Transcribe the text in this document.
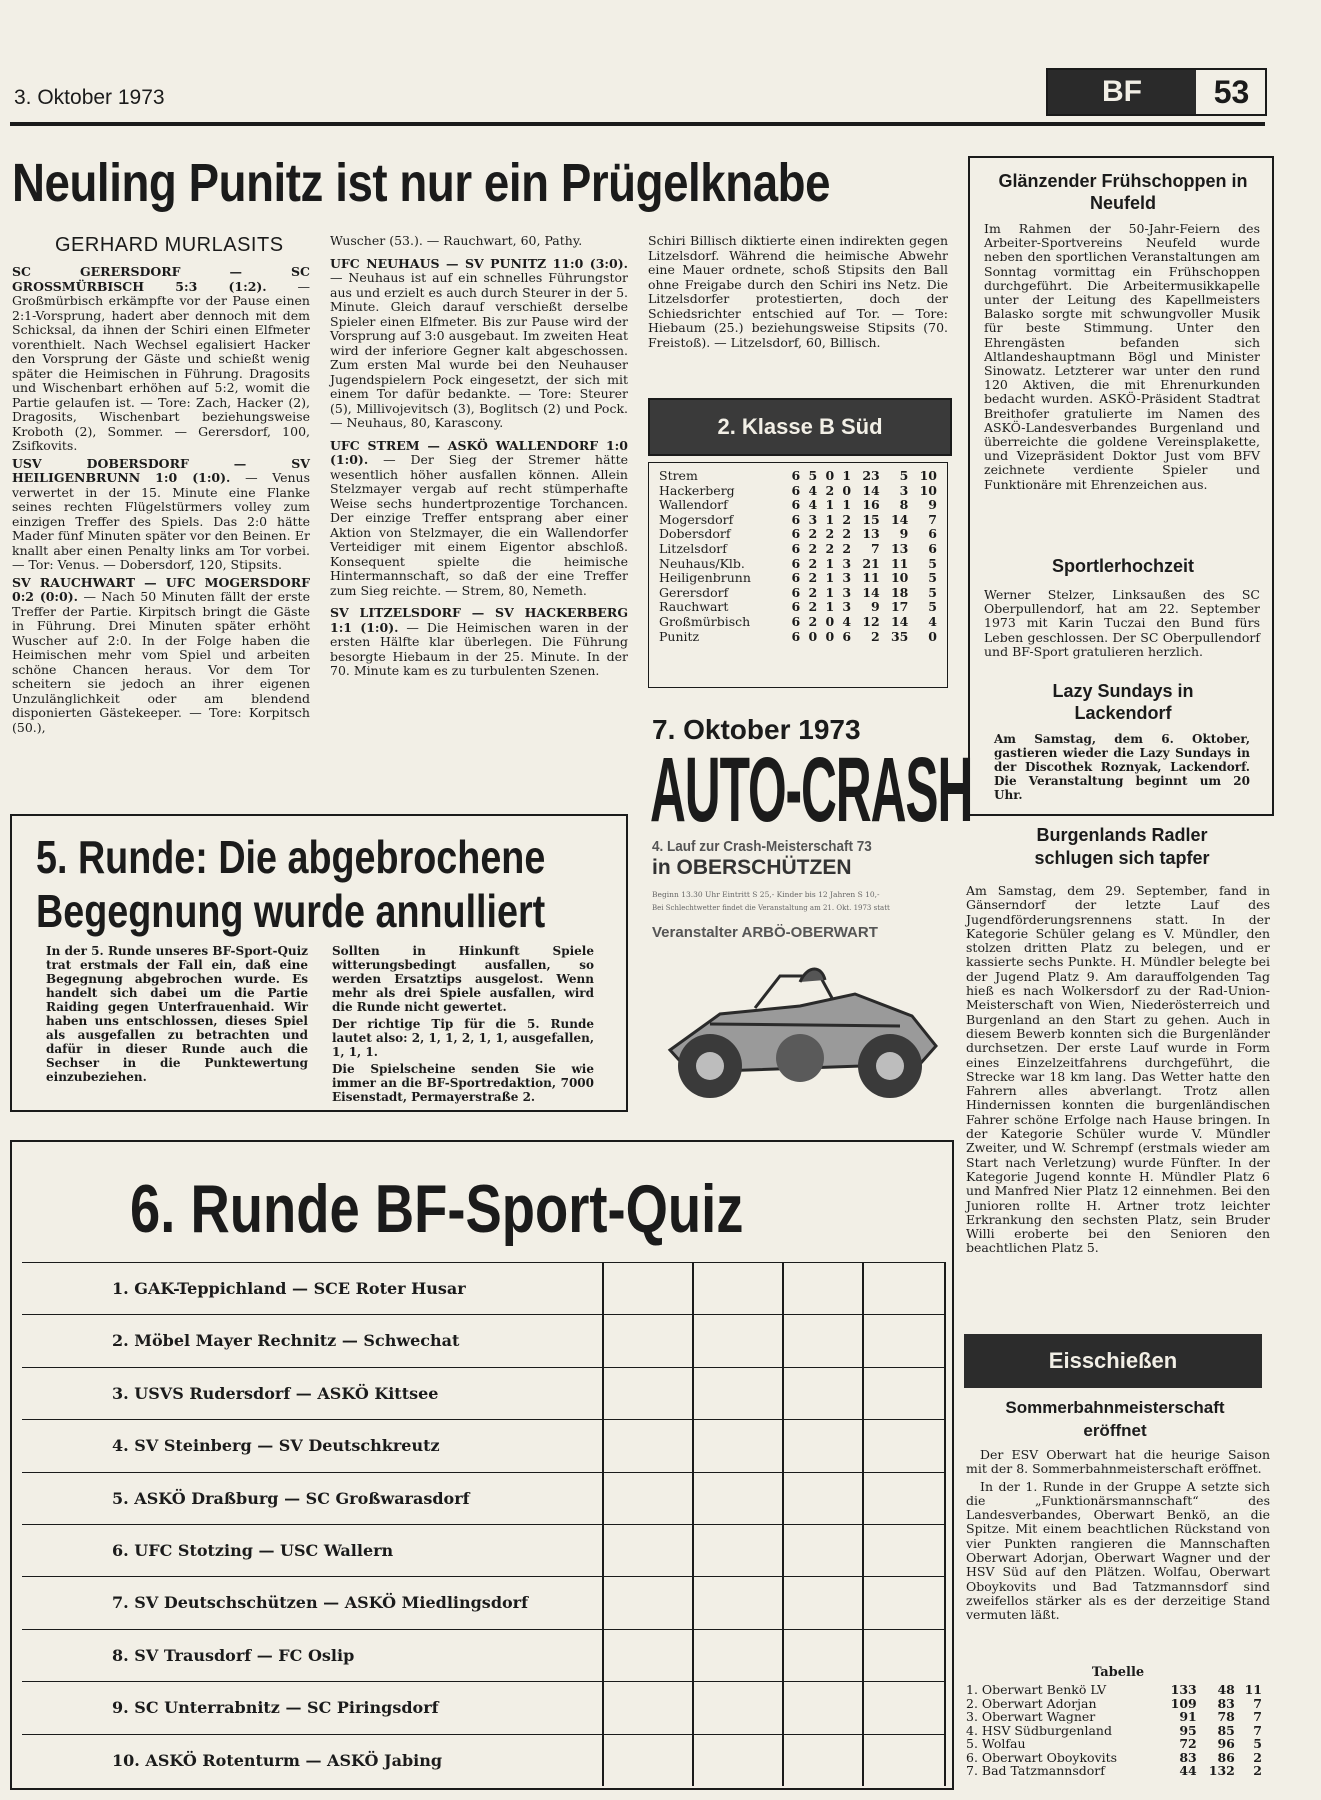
3. Oktober 1973	BF	53
Neuling Punitz ist nur ein Prügelknabe
GERHARD MURLASITS

SC GERERSDORF — SC GROSSMÜRBISCH 5:3 (1:2). — Großmürbisch erkämpfte vor der Pause einen 2:1-Vorsprung, hadert aber dennoch mit dem Schicksal, da ihnen der Schiri einen Elfmeter vorenthielt. Nach Wechsel egalisiert Hacker den Vorsprung der Gäste und schießt wenig später die Heimischen in Führung. Dragosits und Wischenbart erhöhen auf 5:2, womit die Partie gelaufen ist. — Tore: Zach, Hacker (2), Dragosits, Wischenbart beziehungsweise Kroboth (2), Sommer. — Gerersdorf, 100, Zsifkovits.

USV DOBERSDORF — SV HEILIGENBRUNN 1:0 (1:0). — Venus verwertet in der 15. Minute eine Flanke seines rechten Flügelstürmers volley zum einzigen Treffer des Spiels. Das 2:0 hätte Mader fünf Minuten später vor den Beinen. Er knallt aber einen Penalty links am Tor vorbei. — Tor: Venus. — Dobersdorf, 120, Stipsits.

SV RAUCHWART — UFC MOGERSDORF 0:2 (0:0). — Nach 50 Minuten fällt der erste Treffer der Partie. Kirpitsch bringt die Gäste in Führung. Drei Minuten später erhöht Wuscher auf 2:0. In der Folge haben die Heimischen mehr vom Spiel und arbeiten schöne Chancen heraus. Vor dem Tor scheitern sie jedoch an ihrer eigenen Unzulänglichkeit oder am blendend disponierten Gästekeeper. — Tore: Korpitsch (50.),

Wuscher (53.). — Rauchwart, 60, Pathy.

UFC NEUHAUS — SV PUNITZ 11:0 (3:0). — Neuhaus ist auf ein schnelles Führungstor aus und erzielt es auch durch Steurer in der 5. Minute. Gleich darauf verschießt derselbe Spieler einen Elfmeter. Bis zur Pause wird der Vorsprung auf 3:0 ausgebaut. Im zweiten Heat wird der inferiore Gegner kalt abgeschossen. Zum ersten Mal wurde bei den Neuhauser Jugendspielern Pock eingesetzt, der sich mit einem Tor dafür bedankte. — Tore: Steurer (5), Millivojevitsch (3), Boglitsch (2) und Pock. — Neuhaus, 80, Karascony.

UFC STREM — ASKÖ WALLENDORF 1:0 (1:0). — Der Sieg der Stremer hätte wesentlich höher ausfallen können. Allein Stelzmayer vergab auf recht stümperhafte Weise sechs hundertprozentige Torchancen. Der einzige Treffer entsprang aber einer Aktion von Stelzmayer, die ein Wallendorfer Verteidiger mit einem Eigentor abschloß. Konsequent spielte die heimische Hintermannschaft, so daß der eine Treffer zum Sieg reichte. — Strem, 80, Nemeth.

SV LITZELSDORF — SV HACKERBERG 1:1 (1:0). — Die Heimischen waren in der ersten Hälfte klar überlegen. Die Führung besorgte Hiebaum in der 25. Minute. In der 70. Minute kam es zu turbulenten Szenen.

Schiri Billisch diktierte einen indirekten gegen Litzelsdorf. Während die heimische Abwehr eine Mauer ordnete, schoß Stipsits den Ball ohne Freigabe durch den Schiri ins Netz. Die Litzelsdorfer protestierten, doch der Schiedsrichter entschied auf Tor. — Tore: Hiebaum (25.) beziehungsweise Stipsits (70. Freistoß). — Litzelsdorf, 60, Billisch.
2. Klasse B Süd
Strem	6	5	0	1	23	5	10
Hackerberg	6	4	2	0	14	3	10
Wallendorf	6	4	1	1	16	8	9
Mogersdorf	6	3	1	2	15	14	7
Dobersdorf	6	2	2	2	13	9	6
Litzelsdorf	6	2	2	2	7	13	6
Neuhaus/Klb.	6	2	1	3	21	11	5
Heiligenbrunn	6	2	1	3	11	10	5
Gerersdorf	6	2	1	3	14	18	5
Rauchwart	6	2	1	3	9	17	5
Großmürbisch	6	2	0	4	12	14	4
Punitz	6	0	0	6	2	35	0
7. Oktober 1973
AUTO-CRASH
4. Lauf zur Crash-Meisterschaft 73
in OBERSCHÜTZEN
Beginn 13.30 Uhr Eintritt S 25,- Kinder bis 12 Jahren S 10,-
Bei Schlechtwetter findet die Veranstaltung am 21. Okt. 1973 statt
Veranstalter ARBÖ-OBERWART
5. Runde: Die abgebrochene
Begegnung wurde annulliert
In der 5. Runde unseres BF-Sport-Quiz trat erstmals der Fall ein, daß eine Begegnung abgebrochen wurde. Es handelt sich dabei um die Partie Raiding gegen Unterfrauenhaid. Wir haben uns entschlossen, dieses Spiel als ausgefallen zu betrachten und dafür in dieser Runde auch die Sechser in die Punktewertung einzubeziehen.

Sollten in Hinkunft Spiele witterungsbedingt ausfallen, so werden Ersatztips ausgelost. Wenn mehr als drei Spiele ausfallen, wird die Runde nicht gewertet.

Der richtige Tip für die 5. Runde lautet also: 2, 1, 1, 2, 1, 1, ausgefallen, 1, 1, 1.

Die Spielscheine senden Sie wie immer an die BF-Sportredaktion, 7000 Eisenstadt, Permayerstraße 2.

6. Runde BF-Sport-Quiz
1. GAK-Teppichland — SCE Roter Husar
2. Möbel Mayer Rechnitz — Schwechat
3. USVS Rudersdorf — ASKÖ Kittsee
4. SV Steinberg — SV Deutschkreutz
5. ASKÖ Draßburg — SC Großwarasdorf
6. UFC Stotzing — USC Wallern
7. SV Deutschschützen — ASKÖ Miedlingsdorf
8. SV Trausdorf — FC Oslip
9. SC Unterrabnitz — SC Piringsdorf
10. ASKÖ Rotenturm — ASKÖ Jabing
Glänzender Frühschoppen in Neufeld
Im Rahmen der 50-Jahr-Feiern des Arbeiter-Sportvereins Neufeld wurde neben den sportlichen Veranstaltungen am Sonntag vormittag ein Frühschoppen durchgeführt. Die Arbeitermusikkapelle unter der Leitung des Kapellmeisters Balasko sorgte mit schwungvoller Musik für beste Stimmung. Unter den Ehrengästen befanden sich Altlandeshauptmann Bögl und Minister Sinowatz. Letzterer war unter den rund 120 Aktiven, die mit Ehrenurkunden bedacht wurden. ASKÖ-Präsident Stadtrat Breithofer gratulierte im Namen des ASKÖ-Landesverbandes Burgenland und überreichte die goldene Vereinsplakette, und Vizepräsident Doktor Just vom BFV zeichnete verdiente Spieler und Funktionäre mit Ehrenzeichen aus.
Sportlerhochzeit
Werner Stelzer, Linksaußen des SC Oberpullendorf, hat am 22. September 1973 mit Karin Tuczai den Bund fürs Leben geschlossen. Der SC Oberpullendorf und BF-Sport gratulieren herzlich.
Lazy Sundays in Lackendorf
Am Samstag, dem 6. Oktober, gastieren wieder die Lazy Sundays in der Discothek Roznyak, Lackendorf. Die Veranstaltung beginnt um 20 Uhr.
Burgenlands Radler schlugen sich tapfer
Am Samstag, dem 29. September, fand in Gänserndorf der letzte Lauf des Jugendförderungsrennens statt. In der Kategorie Schüler gelang es V. Mündler, den stolzen dritten Platz zu belegen, und er kassierte sechs Punkte. H. Mündler belegte bei der Jugend Platz 9. Am darauffolgenden Tag hieß es nach Wolkersdorf zu der Rad-Union-Meisterschaft von Wien, Niederösterreich und Burgenland an den Start zu gehen. Auch in diesem Bewerb konnten sich die Burgenländer durchsetzen. Der erste Lauf wurde in Form eines Einzelzeitfahrens durchgeführt, die Strecke war 18 km lang. Das Wetter hatte den Fahrern alles abverlangt. Trotz allen Hindernissen konnten die burgenländischen Fahrer schöne Erfolge nach Hause bringen. In der Kategorie Schüler wurde V. Mündler Zweiter, und W. Schrempf (erstmals wieder am Start nach Verletzung) wurde Fünfter. In der Kategorie Jugend konnte H. Mündler Platz 6 und Manfred Nier Platz 12 einnehmen. Bei den Junioren rollte H. Artner trotz leichter Erkrankung den sechsten Platz, sein Bruder Willi eroberte bei den Senioren den beachtlichen Platz 5.
Eisschießen
Sommerbahnmeisterschaft eröffnet

Der ESV Oberwart hat die heurige Saison mit der 8. Sommerbahnmeisterschaft eröffnet.

In der 1. Runde in der Gruppe A setzte sich die „Funktionärsmannschaft“ des Landesverbandes, Oberwart Benkö, an die Spitze. Mit einem beachtlichen Rückstand von vier Punkten rangieren die Mannschaften Oberwart Adorjan, Oberwart Wagner und der HSV Süd auf den Plätzen. Wolfau, Oberwart Oboykovits und Bad Tatzmannsdorf sind zweifellos stärker als es der derzeitige Stand vermuten läßt.

Tabelle
1. Oberwart Benkö LV	133	48	11
2. Oberwart Adorjan	109	83	7
3. Oberwart Wagner	91	78	7
4. HSV Südburgenland	95	85	7
5. Wolfau	72	96	5
6. Oberwart Oboykovits	83	86	2
7. Bad Tatzmannsdorf	44	132	2
